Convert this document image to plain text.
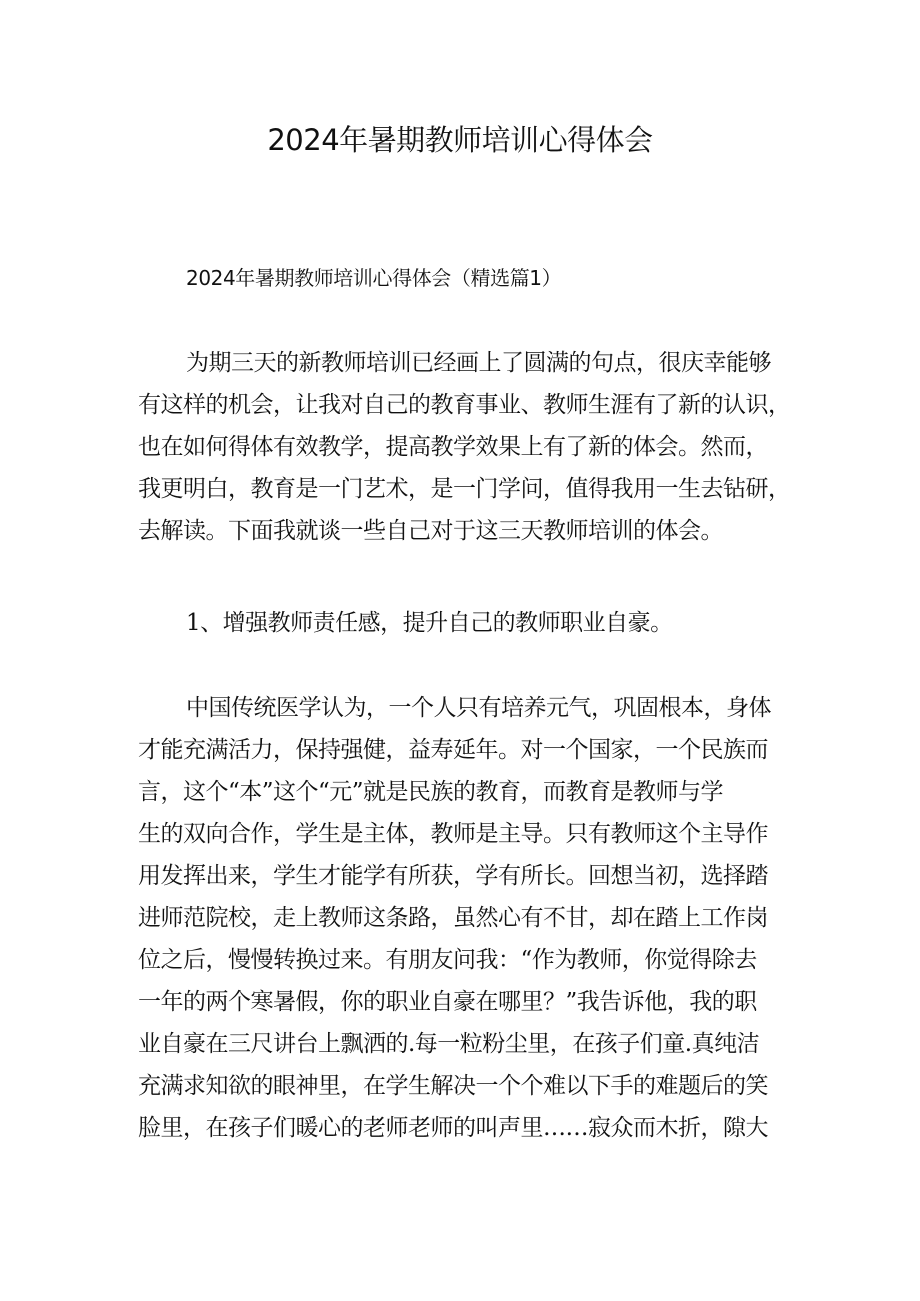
2024年暑期教师培训心得体会
2024年暑期教师培训心得体会（精选篇1）
为期三天的新教师培训已经画上了圆满的句点，很庆幸能够
有这样的机会，让我对自己的教育事业、教师生涯有了新的认识，
也在如何得体有效教学，提高教学效果上有了新的体会。然而，
我更明白，教育是一门艺术，是一门学问，值得我用一生去钻研，
去解读。下面我就谈一些自己对于这三天教师培训的体会。
1、增强教师责任感，提升自己的教师职业自豪。
中国传统医学认为，一个人只有培养元气，巩固根本，身体
才能充满活力，保持强健，益寿延年。对一个国家，一个民族而
言，这个“本”这个“元”就是民族的教育，而教育是教师与学
生的双向合作，学生是主体，教师是主导。只有教师这个主导作
用发挥出来，学生才能学有所获，学有所长。回想当初，选择踏
进师范院校，走上教师这条路，虽然心有不甘，却在踏上工作岗
位之后，慢慢转换过来。有朋友问我：“作为教师，你觉得除去
一年的两个寒暑假，你的职业自豪在哪里？”我告诉他，我的职
业自豪在三尺讲台上飘洒的.每一粒粉尘里，在孩子们童.真纯洁
充满求知欲的眼神里，在学生解决一个个难以下手的难题后的笑
脸里，在孩子们暖心的老师老师的叫声里……寂众而木折，隙大
